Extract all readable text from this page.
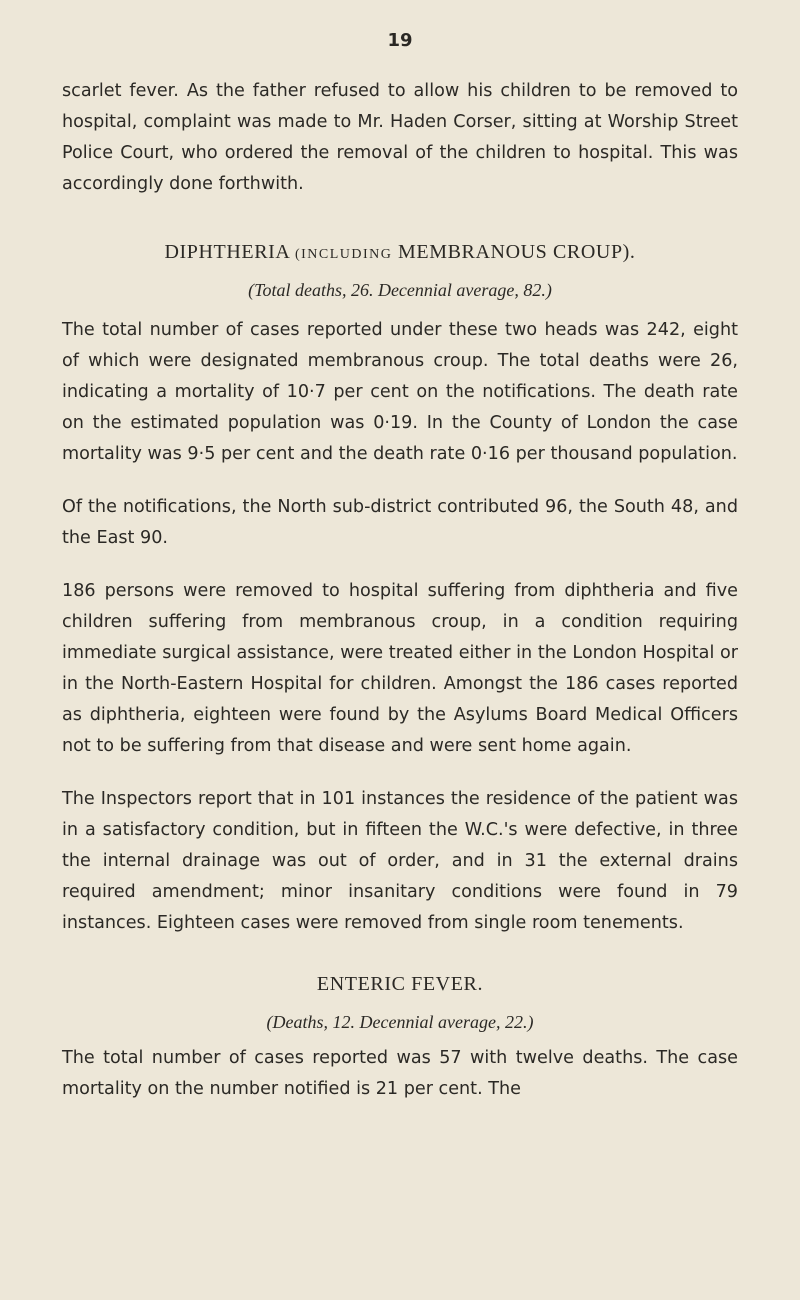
19

scarlet fever. As the father refused to allow his children to be removed to hospital, complaint was made to Mr. Haden Corser, sitting at Worship Street Police Court, who ordered the removal of the children to hospital. This was accordingly done forthwith.

DIPHTHERIA (INCLUDING MEMBRANOUS CROUP).

(Total deaths, 26. Decennial average, 82.)

The total number of cases reported under these two heads was 242, eight of which were designated membranous croup. The total deaths were 26, indicating a mortality of 10·7 per cent on the notifications. The death rate on the estimated population was 0·19. In the County of London the case mortality was 9·5 per cent and the death rate 0·16 per thousand population.

Of the notifications, the North sub-district contributed 96, the South 48, and the East 90.

186 persons were removed to hospital suffering from diphtheria and five children suffering from membranous croup, in a condition requiring immediate surgical assistance, were treated either in the London Hospital or in the North-Eastern Hospital for children. Amongst the 186 cases reported as diphtheria, eighteen were found by the Asylums Board Medical Officers not to be suffering from that disease and were sent home again.

The Inspectors report that in 101 instances the residence of the patient was in a satisfactory condition, but in fifteen the W.C.'s were defective, in three the internal drainage was out of order, and in 31 the external drains required amendment; minor insanitary conditions were found in 79 instances. Eighteen cases were removed from single room tenements.

ENTERIC FEVER.

(Deaths, 12. Decennial average, 22.)

The total number of cases reported was 57 with twelve deaths. The case mortality on the number notified is 21 per cent. The
